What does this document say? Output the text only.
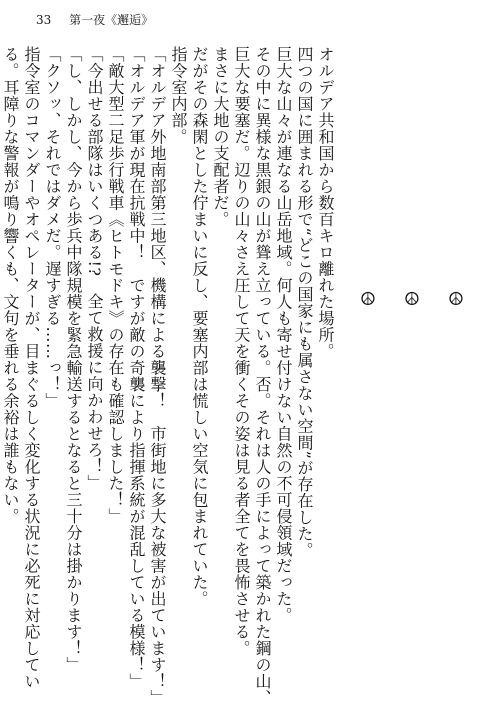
33 第一夜《邂逅》
☮ ☮ ☮
オルデア共和国から数百キロ離れた場所。
四つの国に囲まれる形で“どこの国家にも属さない空間”が存在した。
巨大な山々が連なる山岳地域。何人も寄せ付けない自然の不可侵領域だった。
その中に異様な黒銀の山が聳え立っている。否。それは人の手によって築かれた鋼の山、
巨大な要塞だ。辺りの山々さえ圧して天を衝くその姿は見る者全てを畏怖させる。
まさに大地の支配者だ。
だがその森閑とした佇まいに反し、要塞内部は慌しい空気に包まれていた。
指令室内部。
「オルデア外地南部第三地区、機構による襲撃！　市街地に多大な被害が出ています！」
「オルデア軍が現在抗戦中！　ですが敵の奇襲により指揮系統が混乱している模様！」
「敵大型二足歩行戦車《ヒトモドキ》の存在も確認しました！」
「今出せる部隊はいくつある!?　全て救援に向かわせろ！」
「し、しかし、今から歩兵中隊規模を緊急輸送するとなると三十分は掛かります！」
「クソッ、それではダメだ。遅すぎる……っ！」
指令室のコマンダーやオペレーターが、目まぐるしく変化する状況に必死に対応してい
る。耳障りな警報が鳴り響くも、文句を垂れる余裕は誰もない。
